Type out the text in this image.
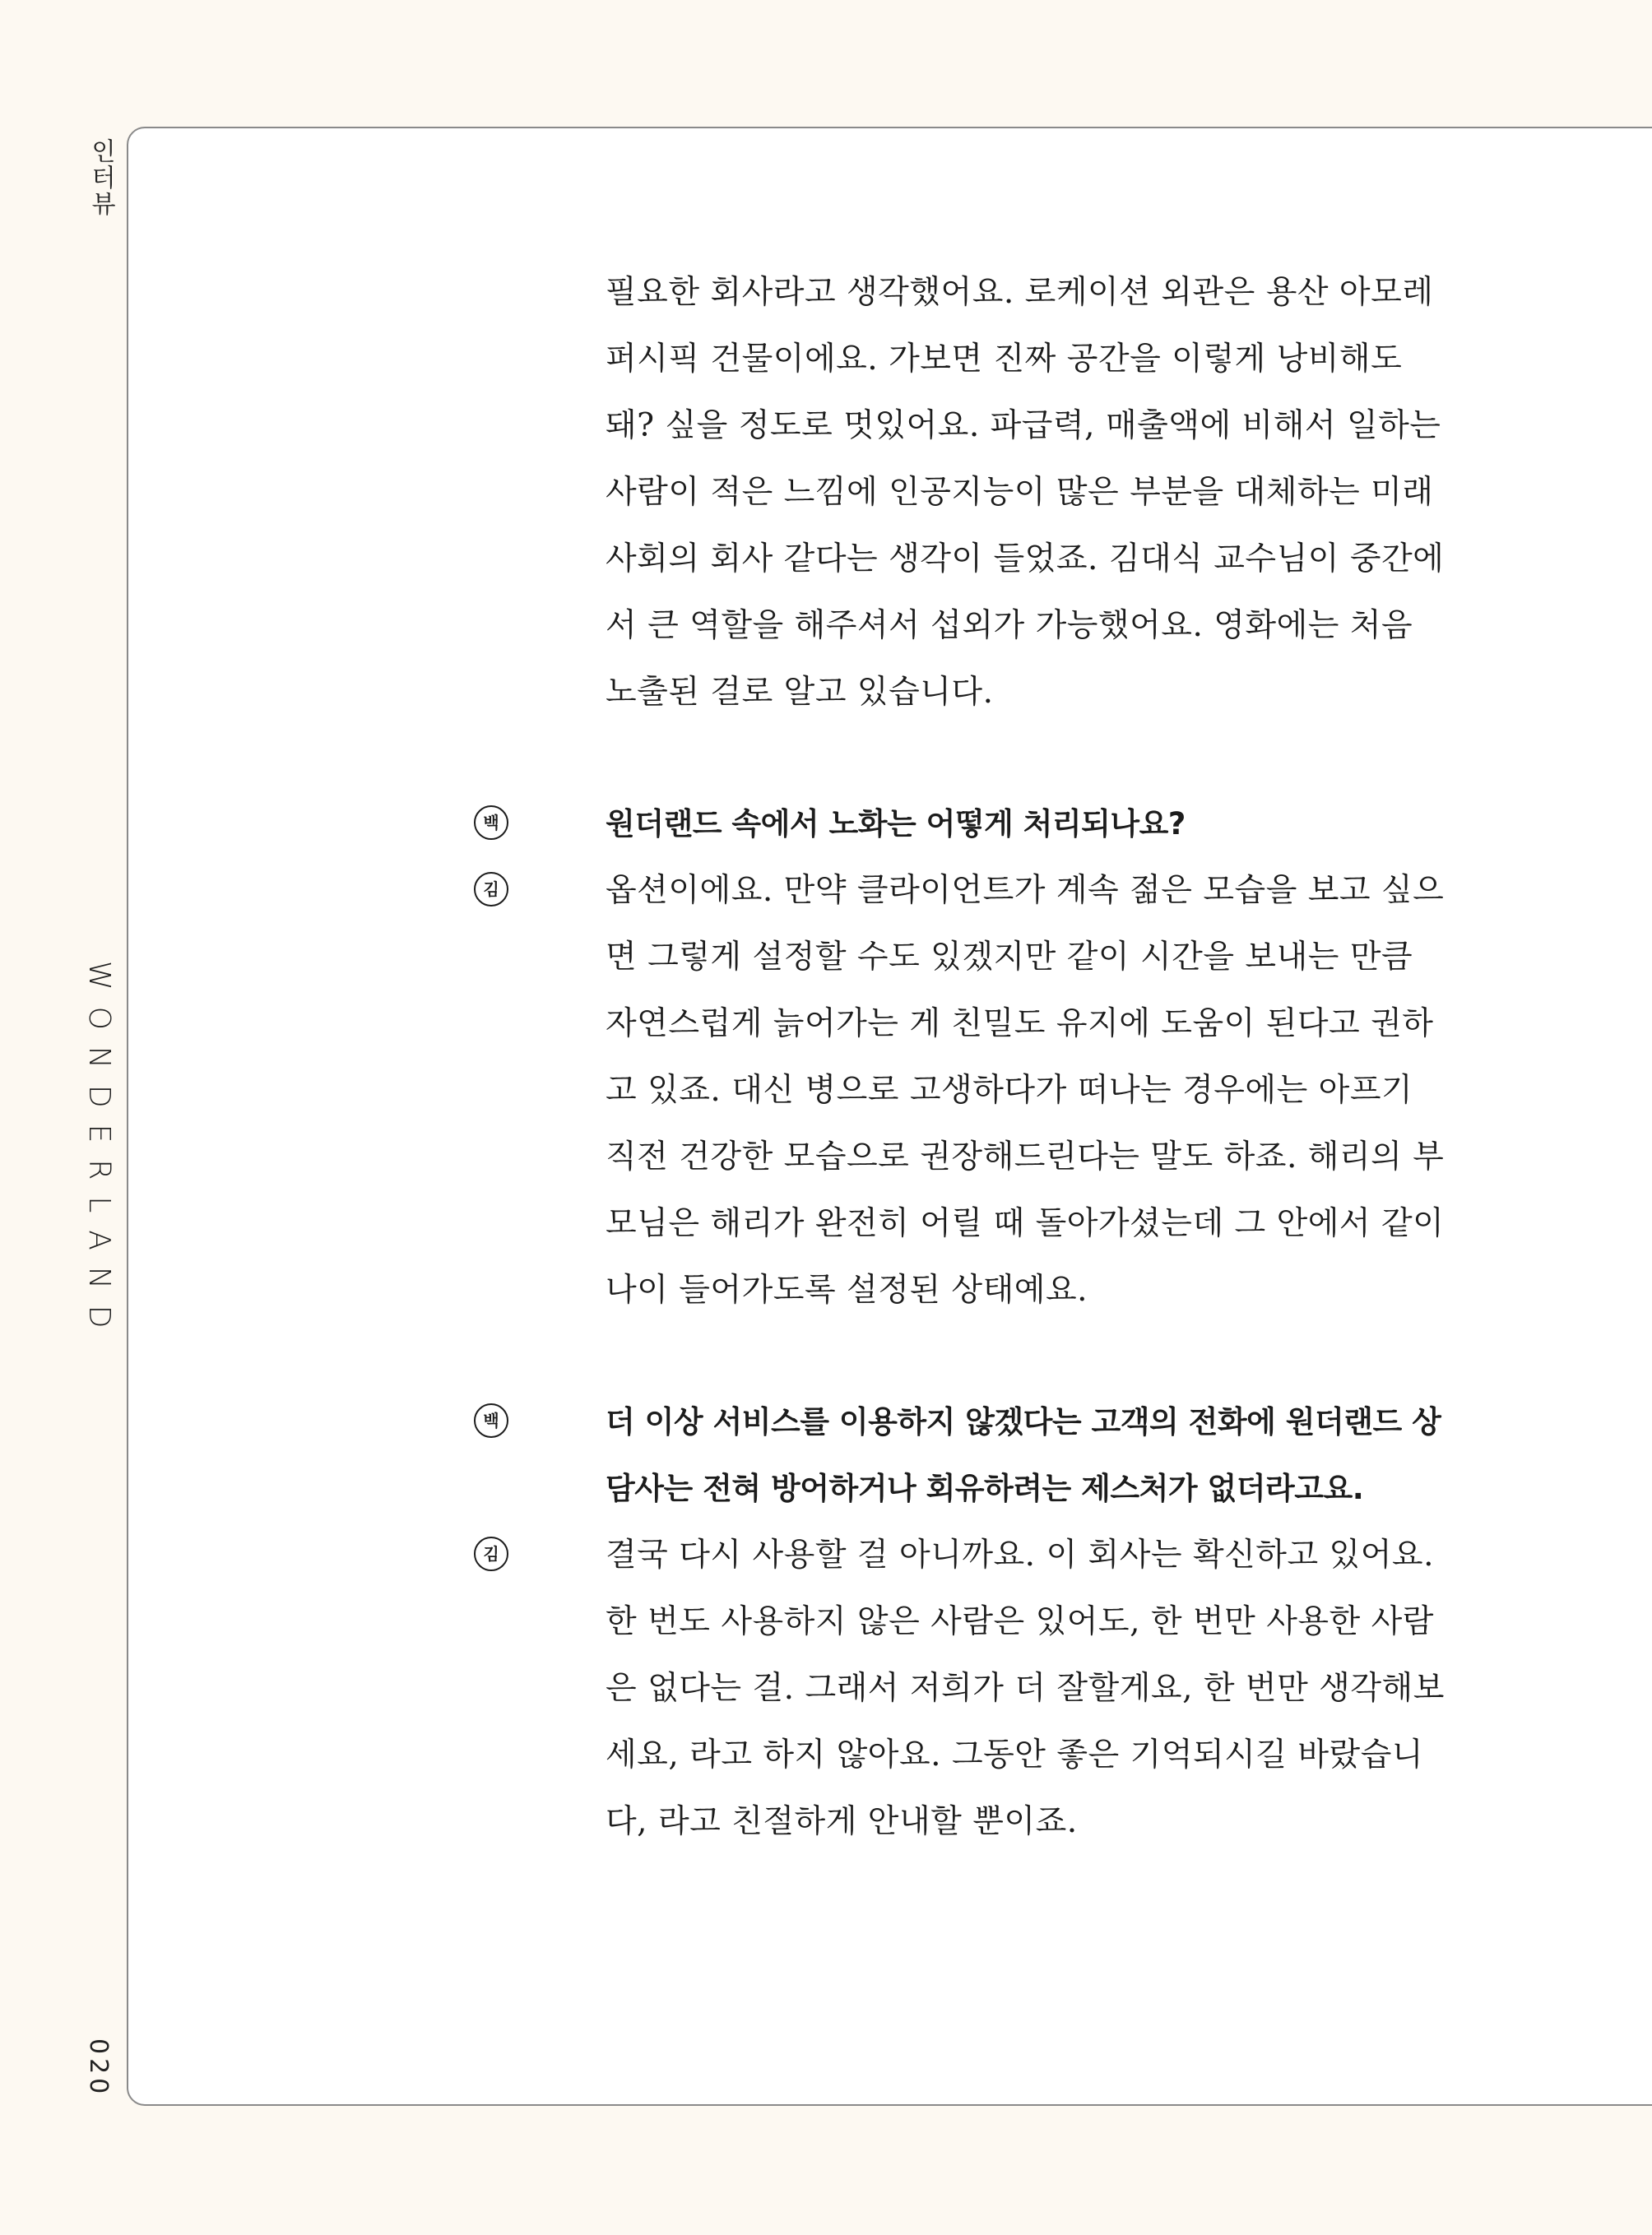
인터뷰
WONDERLAND
020

필요한 회사라고 생각했어요. 로케이션 외관은 용산 아모레퍼시픽 건물이에요. 가보면 진짜 공간을 이렇게 낭비해도 돼? 싶을 정도로 멋있어요. 파급력, 매출액에 비해서 일하는 사람이 적은 느낌에 인공지능이 많은 부분을 대체하는 미래 사회의 회사 같다는 생각이 들었죠. 김대식 교수님이 중간에서 큰 역할을 해주셔서 섭외가 가능했어요. 영화에는 처음 노출된 걸로 알고 있습니다.

백	원더랜드 속에서 노화는 어떻게 처리되나요?

김	옵션이에요. 만약 클라이언트가 계속 젊은 모습을 보고 싶으면 그렇게 설정할 수도 있겠지만 같이 시간을 보내는 만큼 자연스럽게 늙어가는 게 친밀도 유지에 도움이 된다고 권하고 있죠. 대신 병으로 고생하다가 떠나는 경우에는 아프기 직전 건강한 모습으로 권장해드린다는 말도 하죠. 해리의 부모님은 해리가 완전히 어릴 때 돌아가셨는데 그 안에서 같이 나이 들어가도록 설정된 상태예요.

백	더 이상 서비스를 이용하지 않겠다는 고객의 전화에 원더랜드 상담사는 전혀 방어하거나 회유하려는 제스처가 없더라고요.

김	결국 다시 사용할 걸 아니까요. 이 회사는 확신하고 있어요. 한 번도 사용하지 않은 사람은 있어도, 한 번만 사용한 사람은 없다는 걸. 그래서 저희가 더 잘할게요, 한 번만 생각해보세요, 라고 하지 않아요. 그동안 좋은 기억되시길 바랐습니다, 라고 친절하게 안내할 뿐이죠.
